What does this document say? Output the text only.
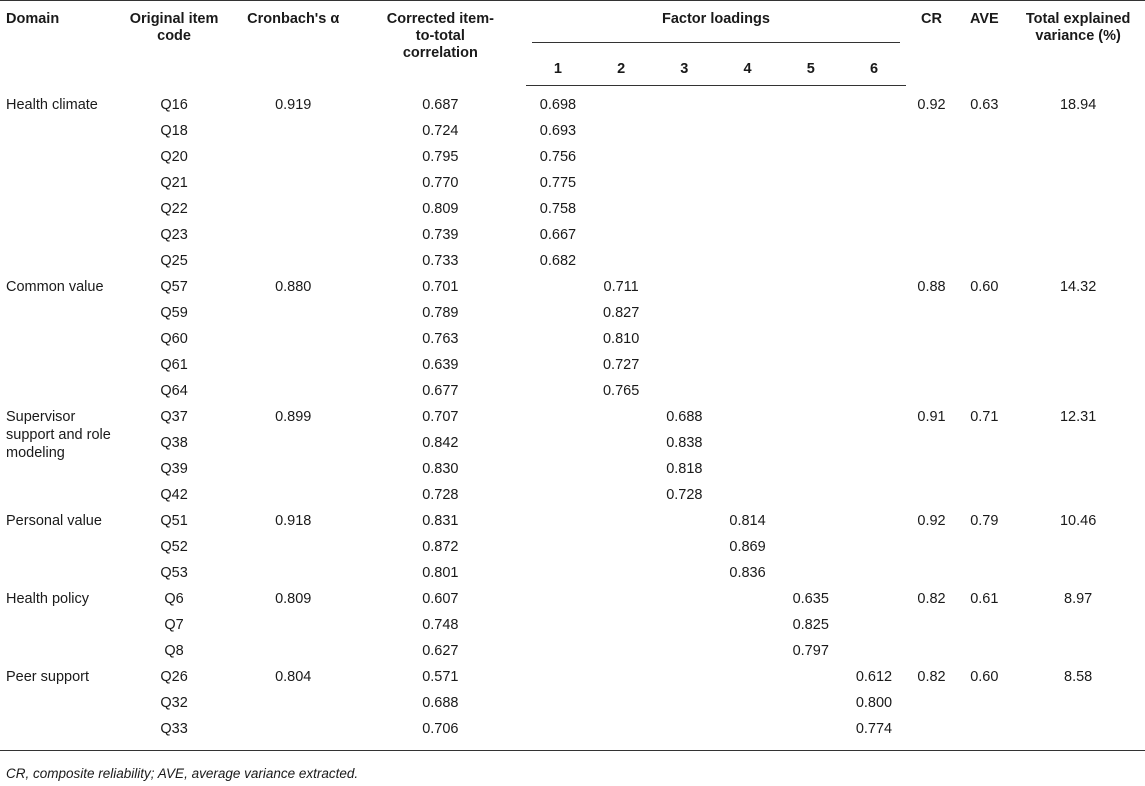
Domain	Original item code	Cronbach's α	Corrected item-to-total correlation	Factor loadings						CR	AVE	Total explained variance (%)
				1	2	3	4	5	6			
Health climate	Q16	0.919	0.687	0.698						0.92	0.63	18.94
	Q18		0.724	0.693								
	Q20		0.795	0.756								
	Q21		0.770	0.775								
	Q22		0.809	0.758								
	Q23		0.739	0.667								
	Q25		0.733	0.682								
Common value	Q57	0.880	0.701		0.711					0.88	0.60	14.32
	Q59		0.789		0.827							
	Q60		0.763		0.810							
	Q61		0.639		0.727							
	Q64		0.677		0.765							
Supervisor support and role modeling	Q37	0.899	0.707			0.688				0.91	0.71	12.31
	Q38		0.842			0.838						
	Q39		0.830			0.818						
	Q42		0.728			0.728						
Personal value	Q51	0.918	0.831				0.814			0.92	0.79	10.46
	Q52		0.872				0.869					
	Q53		0.801				0.836					
Health policy	Q6	0.809	0.607					0.635		0.82	0.61	8.97
	Q7		0.748					0.825				
	Q8		0.627					0.797				
Peer support	Q26	0.804	0.571						0.612	0.82	0.60	8.58
	Q32		0.688						0.800			
	Q33		0.706						0.774			
CR, composite reliability; AVE, average variance extracted.
